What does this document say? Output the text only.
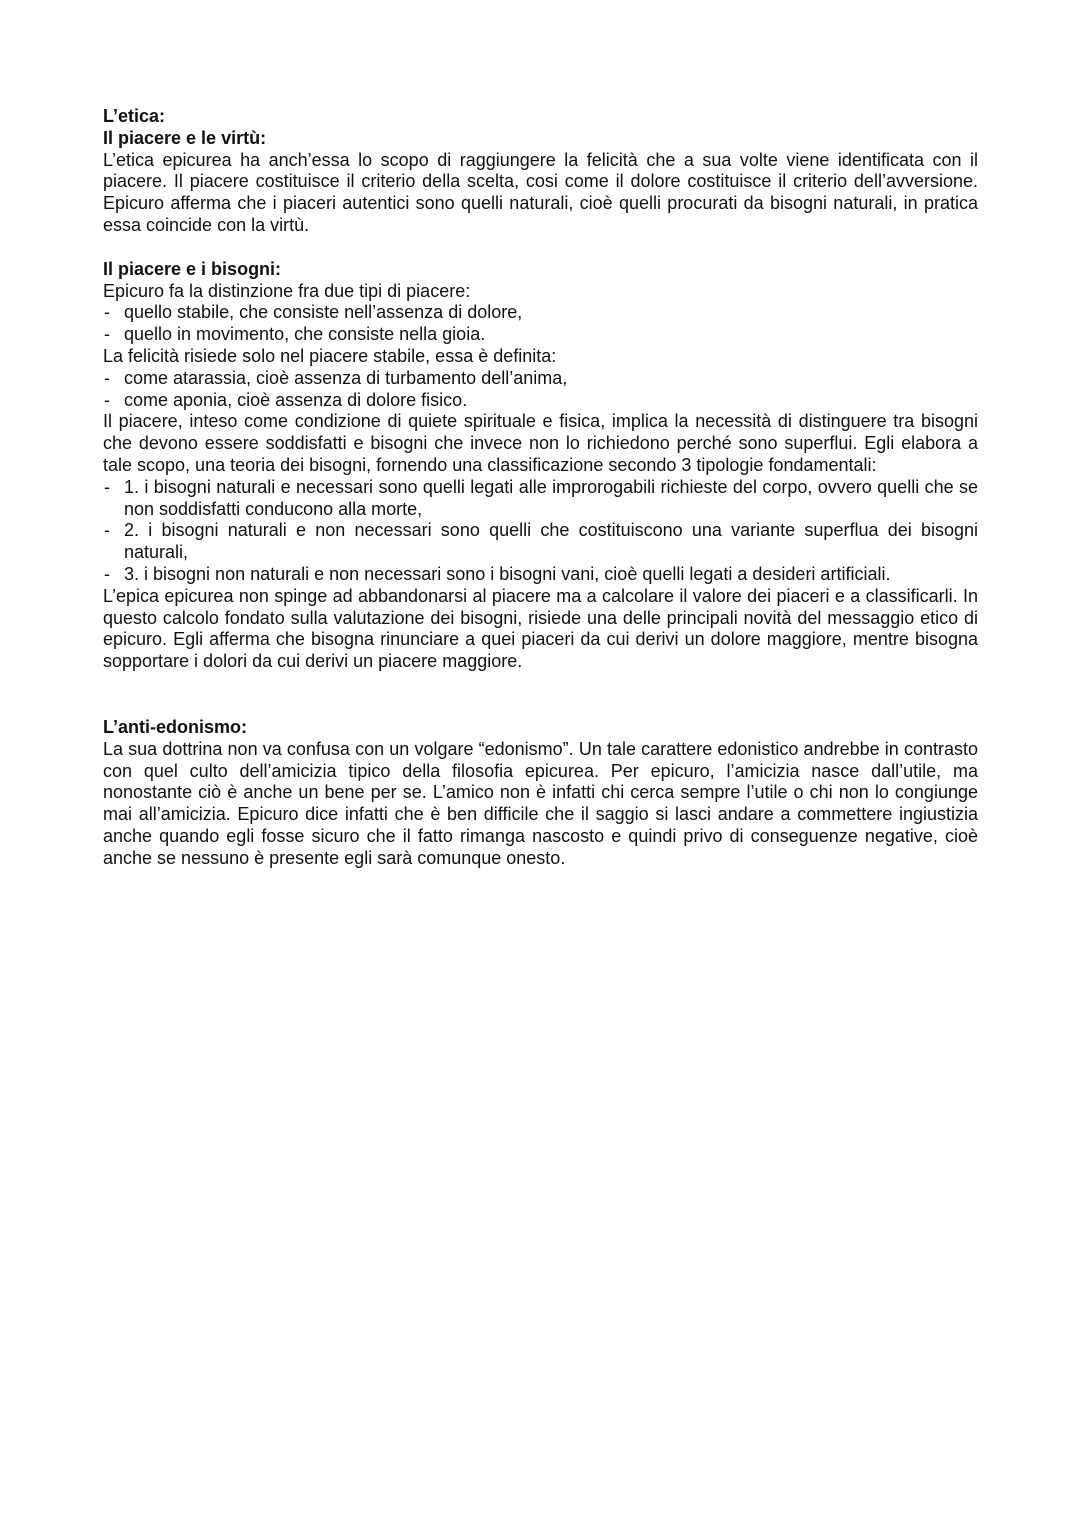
L’etica:

Il piacere e le virtù:

L’etica epicurea ha anch’essa lo scopo di raggiungere la felicità che a sua volte viene identificata con il piacere. Il piacere costituisce il criterio della scelta, cosi come il dolore costituisce il criterio dell’avversione. Epicuro afferma che i piaceri autentici sono quelli naturali, cioè quelli procurati da bisogni naturali, in pratica essa coincide con la virtù.

Il piacere e i bisogni:

Epicuro fa la distinzione fra due tipi di piacere:

- quello stabile, che consiste nell’assenza di dolore,
- quello in movimento, che consiste nella gioia.

La felicità risiede solo nel piacere stabile, essa è definita:

- come atarassia, cioè assenza di turbamento dell’anima,
- come aponia, cioè assenza di dolore fisico.

Il piacere, inteso come condizione di quiete spirituale e fisica, implica la necessità di distinguere tra bisogni che devono essere soddisfatti e bisogni che invece non lo richiedono perché sono superflui. Egli elabora a tale scopo, una teoria dei bisogni, fornendo una classificazione secondo 3 tipologie fondamentali:

- 1. i bisogni naturali e necessari sono quelli legati alle improrogabili richieste del corpo, ovvero quelli che se non soddisfatti conducono alla morte,
- 2. i bisogni naturali e non necessari sono quelli che costituiscono una variante superflua dei bisogni naturali,
- 3. i bisogni non naturali e non necessari sono i bisogni vani, cioè quelli legati a desideri artificiali.

L’epica epicurea non spinge ad abbandonarsi al piacere ma a calcolare il valore dei piaceri e a classificarli. In questo calcolo fondato sulla valutazione dei bisogni, risiede una delle principali novità del messaggio etico di epicuro. Egli afferma che bisogna rinunciare a quei piaceri da cui derivi un dolore maggiore, mentre bisogna sopportare i dolori da cui derivi un piacere maggiore.

L’anti-edonismo:

La sua dottrina non va confusa con un volgare “edonismo”. Un tale carattere edonistico andrebbe in contrasto con quel culto dell’amicizia tipico della filosofia epicurea. Per epicuro, l’amicizia nasce dall’utile, ma nonostante ciò è anche un bene per se. L’amico non è infatti chi cerca sempre l’utile o chi non lo congiunge mai all’amicizia. Epicuro dice infatti che è ben difficile che il saggio si lasci andare a commettere ingiustizia anche quando egli fosse sicuro che il fatto rimanga nascosto e quindi privo di conseguenze negative, cioè anche se nessuno è presente egli sarà comunque onesto.
